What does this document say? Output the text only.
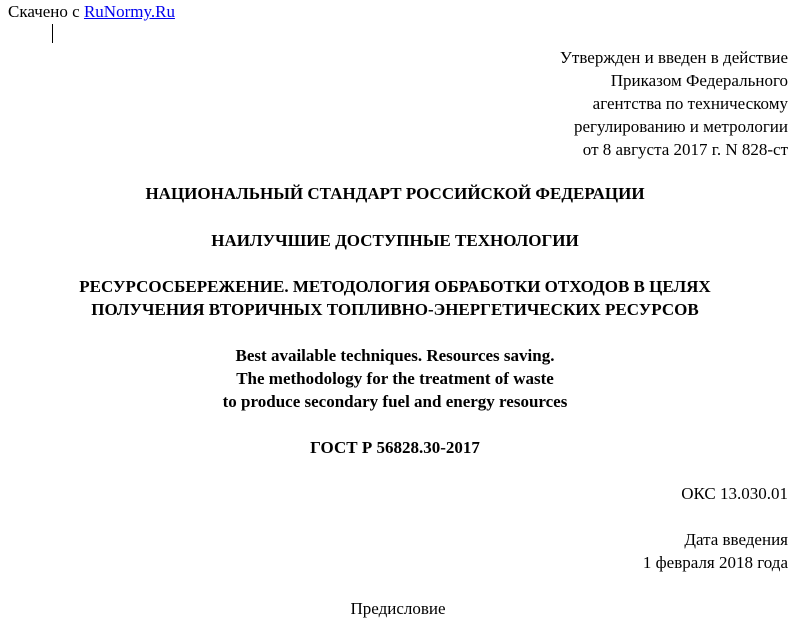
Скачено с RuNormy.Ru
Утвержден и введен в действие
Приказом Федерального
агентства по техническому
регулированию и метрологии
от 8 августа 2017 г. N 828-ст
НАЦИОНАЛЬНЫЙ СТАНДАРТ РОССИЙСКОЙ ФЕДЕРАЦИИ
НАИЛУЧШИЕ ДОСТУПНЫЕ ТЕХНОЛОГИИ
РЕСУРСОСБЕРЕЖЕНИЕ. МЕТОДОЛОГИЯ ОБРАБОТКИ ОТХОДОВ В ЦЕЛЯХ
ПОЛУЧЕНИЯ ВТОРИЧНЫХ ТОПЛИВНО-ЭНЕРГЕТИЧЕСКИХ РЕСУРСОВ
Best available techniques. Resources saving.
The methodology for the treatment of waste
to produce secondary fuel and energy resources
ГОСТ Р 56828.30-2017
ОКС 13.030.01
Дата введения
1 февраля 2018 года
Предисловие
